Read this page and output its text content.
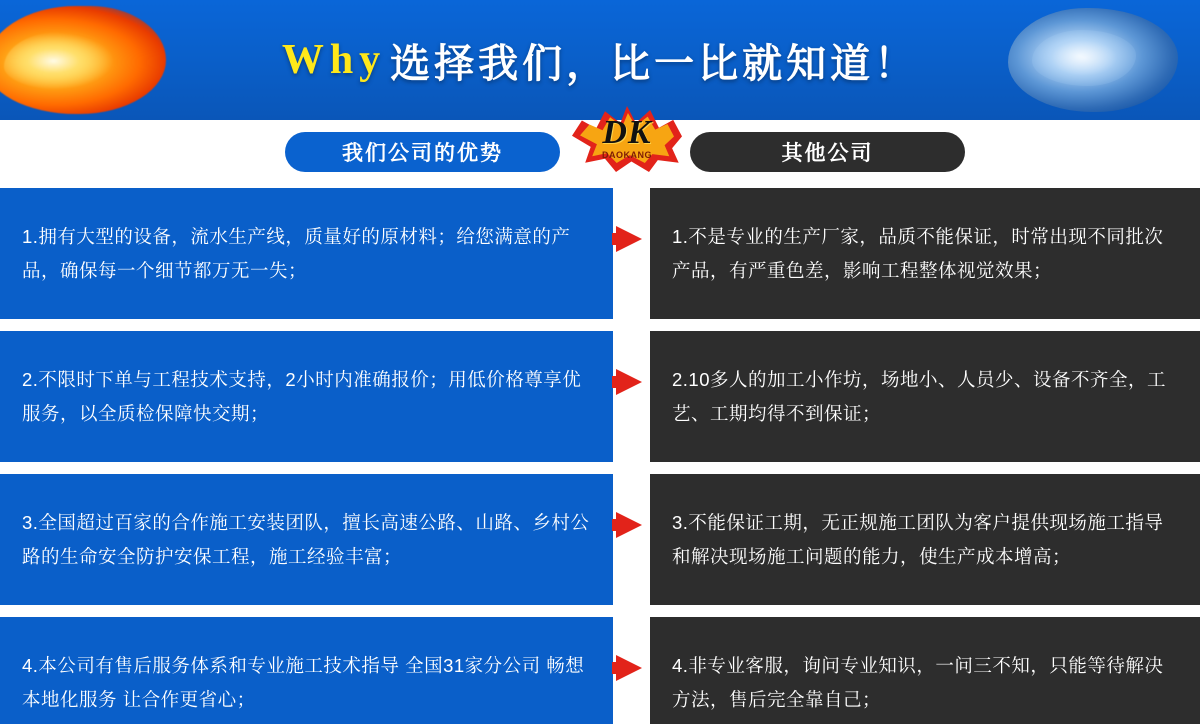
Why 选择我们，比一比就知道！
我们公司的优势	其他公司
DK
DAOKANG

1.拥有大型的设备，流水生产线，质量好的原材料；给您满意的产品，确保每一个细节都万无一失；

1.不是专业的生产厂家，品质不能保证，时常出现不同批次产品，有严重色差，影响工程整体视觉效果；

2.不限时下单与工程技术支持，2小时内准确报价；用低价格尊享优服务，以全质检保障快交期；

2.10多人的加工小作坊，场地小、人员少、设备不齐全，工艺、工期均得不到保证；

3.全国超过百家的合作施工安装团队，擅长高速公路、山路、乡村公路的生命安全防护安保工程，施工经验丰富；

3.不能保证工期，无正规施工团队为客户提供现场施工指导和解决现场施工问题的能力，使生产成本增高；

4.本公司有售后服务体系和专业施工技术指导 全国31家分公司 畅想本地化服务 让合作更省心；

4.非专业客服，询问专业知识，一问三不知，只能等待解决方法，售后完全靠自己；
